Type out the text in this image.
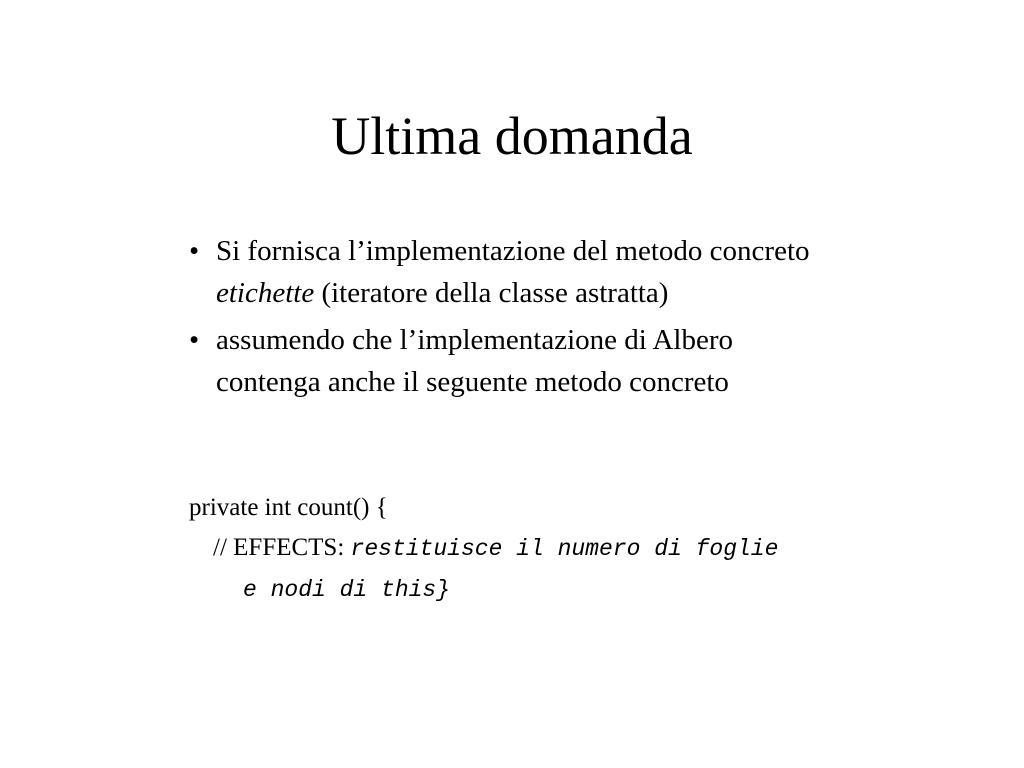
Ultima domanda
• Si fornisca l’implementazione del metodo concreto
etichette (iteratore della classe astratta)
• assumendo che l’implementazione di Albero
contenga anche il seguente metodo concreto
private int count() {
// EFFECTS: restituisce il numero di foglie
e nodi di this}
